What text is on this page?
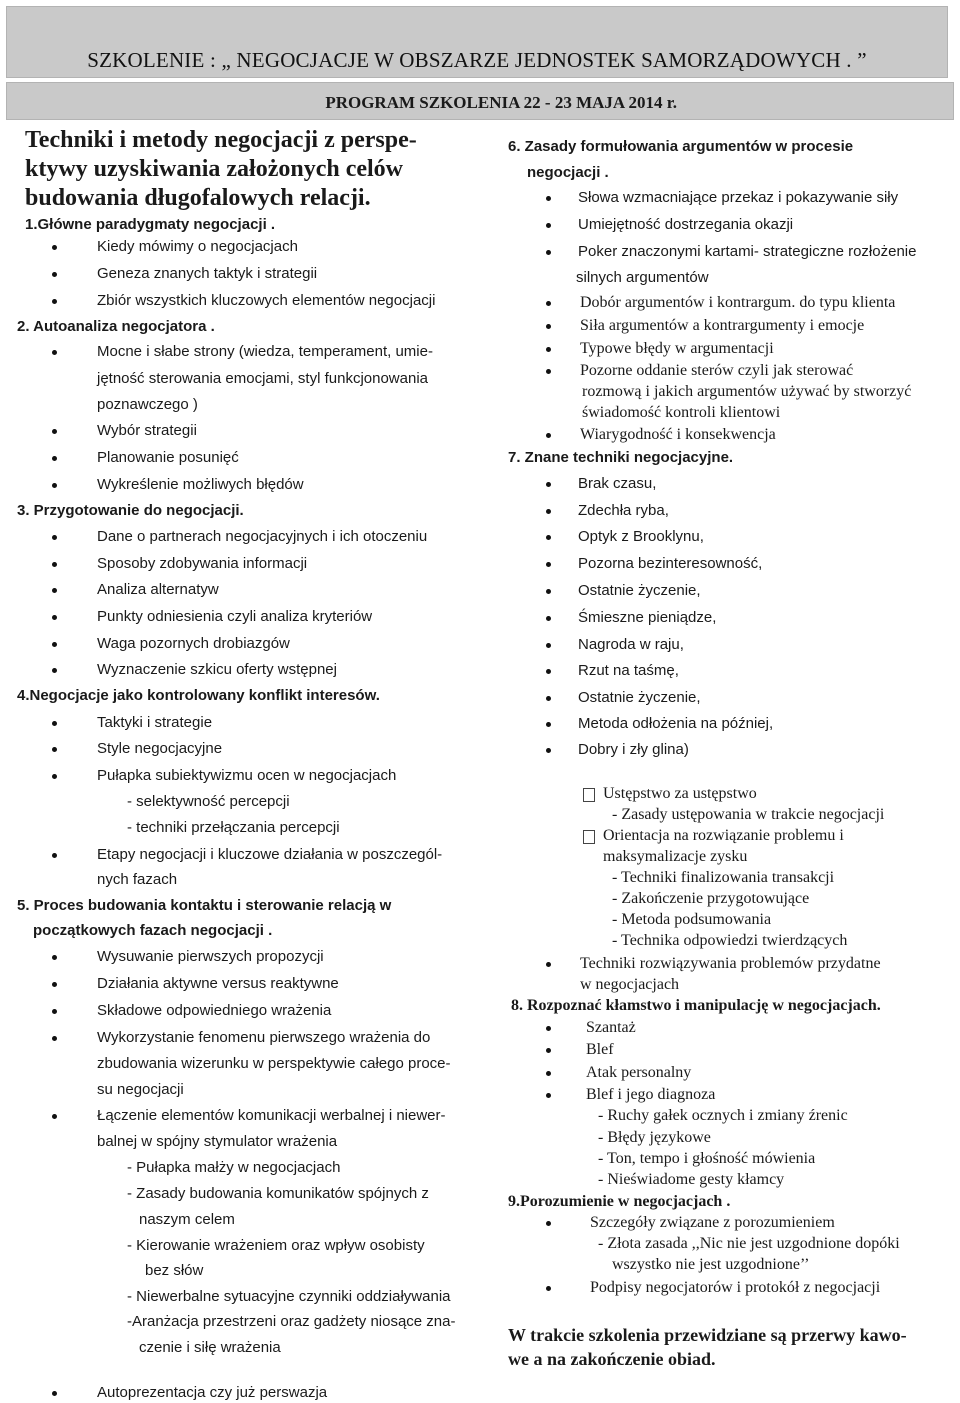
SZKOLENIE : „ NEGOCJACJE W OBSZARZE JEDNOSTEK SAMORZĄDOWYCH . ”
PROGRAM SZKOLENIA 22 - 23 MAJA 2014 r.
Techniki i metody negocjacji z perspe-
ktywy uzyskiwania założonych celów
budowania długofalowych relacji.
1.Główne paradygmaty negocjacji .
Kiedy mówimy o negocjacjach
Geneza znanych taktyk i strategii
Zbiór wszystkich kluczowych elementów negocjacji
2. Autoanaliza negocjatora .
Mocne i słabe strony (wiedza, temperament, umie-
jętność sterowania emocjami, styl funkcjonowania
poznawczego )
Wybór strategii
Planowanie posunięć
Wykreślenie możliwych błędów
3. Przygotowanie do negocjacji.
Dane o partnerach negocjacyjnych i ich otoczeniu
Sposoby zdobywania informacji
Analiza alternatyw
Punkty odniesienia czyli analiza kryteriów
Waga pozornych drobiazgów
Wyznaczenie szkicu oferty wstępnej
4.Negocjacje jako kontrolowany konflikt interesów.
Taktyki i strategie
Style negocjacyjne
Pułapka subiektywizmu ocen w negocjacjach
- selektywność percepcji
- techniki przełączania percepcji
Etapy negocjacji i kluczowe działania w poszczegól-
nych fazach
5. Proces budowania kontaktu i sterowanie relacją w
początkowych fazach negocjacji .
Wysuwanie pierwszych propozycji
Działania aktywne versus reaktywne
Składowe odpowiedniego wrażenia
Wykorzystanie fenomenu pierwszego wrażenia do
zbudowania wizerunku w perspektywie całego proce-
su negocjacji
Łączenie elementów komunikacji werbalnej i niewer-
balnej w spójny stymulator wrażenia
- Pułapka małży w negocjacjach
- Zasady budowania komunikatów spójnych z
naszym celem
- Kierowanie wrażeniem oraz wpływ osobisty
bez słów
- Niewerbalne sytuacyjne czynniki oddziaływania
-Aranżacja przestrzeni oraz gadżety niosące zna-
czenie i siłę wrażenia
Autoprezentacja czy już perswazja
6. Zasady formułowania argumentów w procesie
negocjacji .
Słowa wzmacniające przekaz i pokazywanie siły
Umiejętność dostrzegania okazji
Poker znaczonymi kartami- strategiczne rozłożenie
silnych argumentów
Dobór argumentów i kontrargum. do typu klienta
Siła argumentów a kontrargumenty i emocje
Typowe błędy w argumentacji
Pozorne oddanie sterów czyli jak sterować
rozmową i jakich argumentów używać by stworzyć
świadomość kontroli klientowi
Wiarygodność i konsekwencja
7. Znane techniki negocjacyjne.
Brak czasu,
Zdechła ryba,
Optyk z Brooklynu,
Pozorna bezinteresowność,
Ostatnie życzenie,
Śmieszne pieniądze,
Nagroda w raju,
Rzut na taśmę,
Ostatnie życzenie,
Metoda odłożenia na później,
Dobry i zły glina)
Ustępstwo za ustępstwo
- Zasady ustępowania w trakcie negocjacji
Orientacja na rozwiązanie problemu i
maksymalizacje zysku
- Techniki finalizowania transakcji
- Zakończenie przygotowujące
- Metoda podsumowania
- Technika odpowiedzi twierdzących
Techniki rozwiązywania problemów przydatne
w negocjacjach
8. Rozpoznać kłamstwo i manipulację w negocjacjach.
Szantaż
Blef
Atak personalny
Blef i jego diagnoza
- Ruchy gałek ocznych i zmiany źrenic
- Błędy językowe
- Ton, tempo i głośność mówienia
- Nieświadome gesty kłamcy
9.Porozumienie w negocjacjach .
Szczegóły związane z porozumieniem
- Złota zasada ,,Nic nie jest uzgodnione dopóki
wszystko nie jest uzgodnione’’
Podpisy negocjatorów i protokół z negocjacji
W trakcie szkolenia przewidziane są przerwy kawo-
we a na zakończenie obiad.
